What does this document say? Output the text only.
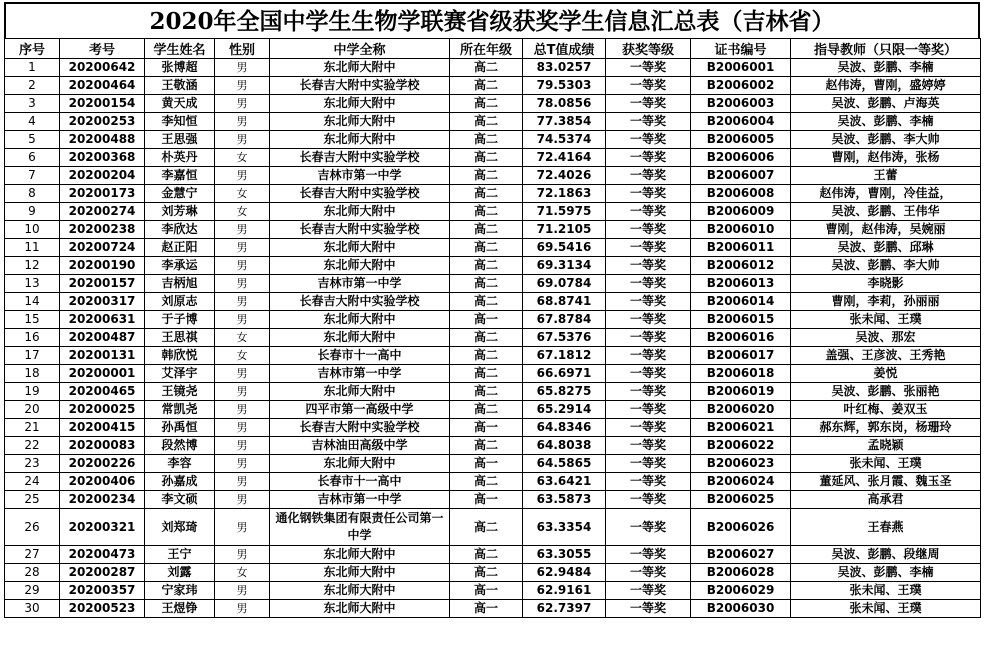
2020年全国中学生生物学联赛省级获奖学生信息汇总表（吉林省）
序号	考号	学生姓名	性别	中学全称	所在年级	总T值成绩	获奖等级	证书编号	指导教师（只限一等奖）
1	20200642	张博超	男	东北师大附中	高二	83.0257	一等奖	B2006001	吴波、彭鹏、李楠
2	20200464	王敬涵	男	长春吉大附中实验学校	高二	79.5303	一等奖	B2006002	赵伟涛，曹刚，盛婷婷
3	20200154	黄天成	男	东北师大附中	高二	78.0856	一等奖	B2006003	吴波、彭鹏、卢海英
4	20200253	李知恒	男	东北师大附中	高二	77.3854	一等奖	B2006004	吴波、彭鹏、李楠
5	20200488	王思强	男	东北师大附中	高二	74.5374	一等奖	B2006005	吴波、彭鹏、李大帅
6	20200368	朴英丹	女	长春吉大附中实验学校	高二	72.4164	一等奖	B2006006	曹刚，赵伟涛，张杨
7	20200204	李嘉恒	男	吉林市第一中学	高二	72.4026	一等奖	B2006007	王蕾
8	20200173	金慧宁	女	长春吉大附中实验学校	高二	72.1863	一等奖	B2006008	赵伟涛，曹刚，冷佳益，
9	20200274	刘芳琳	女	东北师大附中	高二	71.5975	一等奖	B2006009	吴波、彭鹏、王伟华
10	20200238	李欣达	男	长春吉大附中实验学校	高二	71.2105	一等奖	B2006010	曹刚，赵伟涛，吴婉丽
11	20200724	赵正阳	男	东北师大附中	高二	69.5416	一等奖	B2006011	吴波、彭鹏、邱琳
12	20200190	李承运	男	东北师大附中	高二	69.3134	一等奖	B2006012	吴波、彭鹏、李大帅
13	20200157	吉柄旭	男	吉林市第一中学	高二	69.0784	一等奖	B2006013	李晓影
14	20200317	刘原志	男	长春吉大附中实验学校	高二	68.8741	一等奖	B2006014	曹刚，李莉，孙丽丽
15	20200631	于子博	男	东北师大附中	高一	67.8784	一等奖	B2006015	张未闻、王璞
16	20200487	王思祺	女	东北师大附中	高二	67.5376	一等奖	B2006016	吴波、那宏
17	20200131	韩欣悦	女	长春市十一高中	高二	67.1812	一等奖	B2006017	盖强、王彦波、王秀艳
18	20200001	艾泽宇	男	吉林市第一中学	高二	66.6971	一等奖	B2006018	姜悦
19	20200465	王镜尧	男	东北师大附中	高二	65.8275	一等奖	B2006019	吴波、彭鹏、张丽艳
20	20200025	常凯尧	男	四平市第一高级中学	高二	65.2914	一等奖	B2006020	叶红梅、姜双玉
21	20200415	孙禹恒	男	长春吉大附中实验学校	高一	64.8346	一等奖	B2006021	郝东辉，郭东岗，杨珊玲
22	20200083	段然博	男	吉林油田高级中学	高二	64.8038	一等奖	B2006022	孟晓颖
23	20200226	李容	男	东北师大附中	高一	64.5865	一等奖	B2006023	张未闻、王璞
24	20200406	孙嘉成	男	长春市十一高中	高二	63.6421	一等奖	B2006024	董延风、张月霞、魏玉圣
25	20200234	李文硕	男	吉林市第一中学	高一	63.5873	一等奖	B2006025	高承君
26	20200321	刘郑琦	男	通化钢铁集团有限责任公司第一中学	高二	63.3354	一等奖	B2006026	王春燕
27	20200473	王宁	男	东北师大附中	高二	63.3055	一等奖	B2006027	吴波、彭鹏、段继周
28	20200287	刘露	女	东北师大附中	高二	62.9484	一等奖	B2006028	吴波、彭鹏、李楠
29	20200357	宁家玮	男	东北师大附中	高一	62.9161	一等奖	B2006029	张未闻、王璞
30	20200523	王煜铮	男	东北师大附中	高一	62.7397	一等奖	B2006030	张未闻、王璞
